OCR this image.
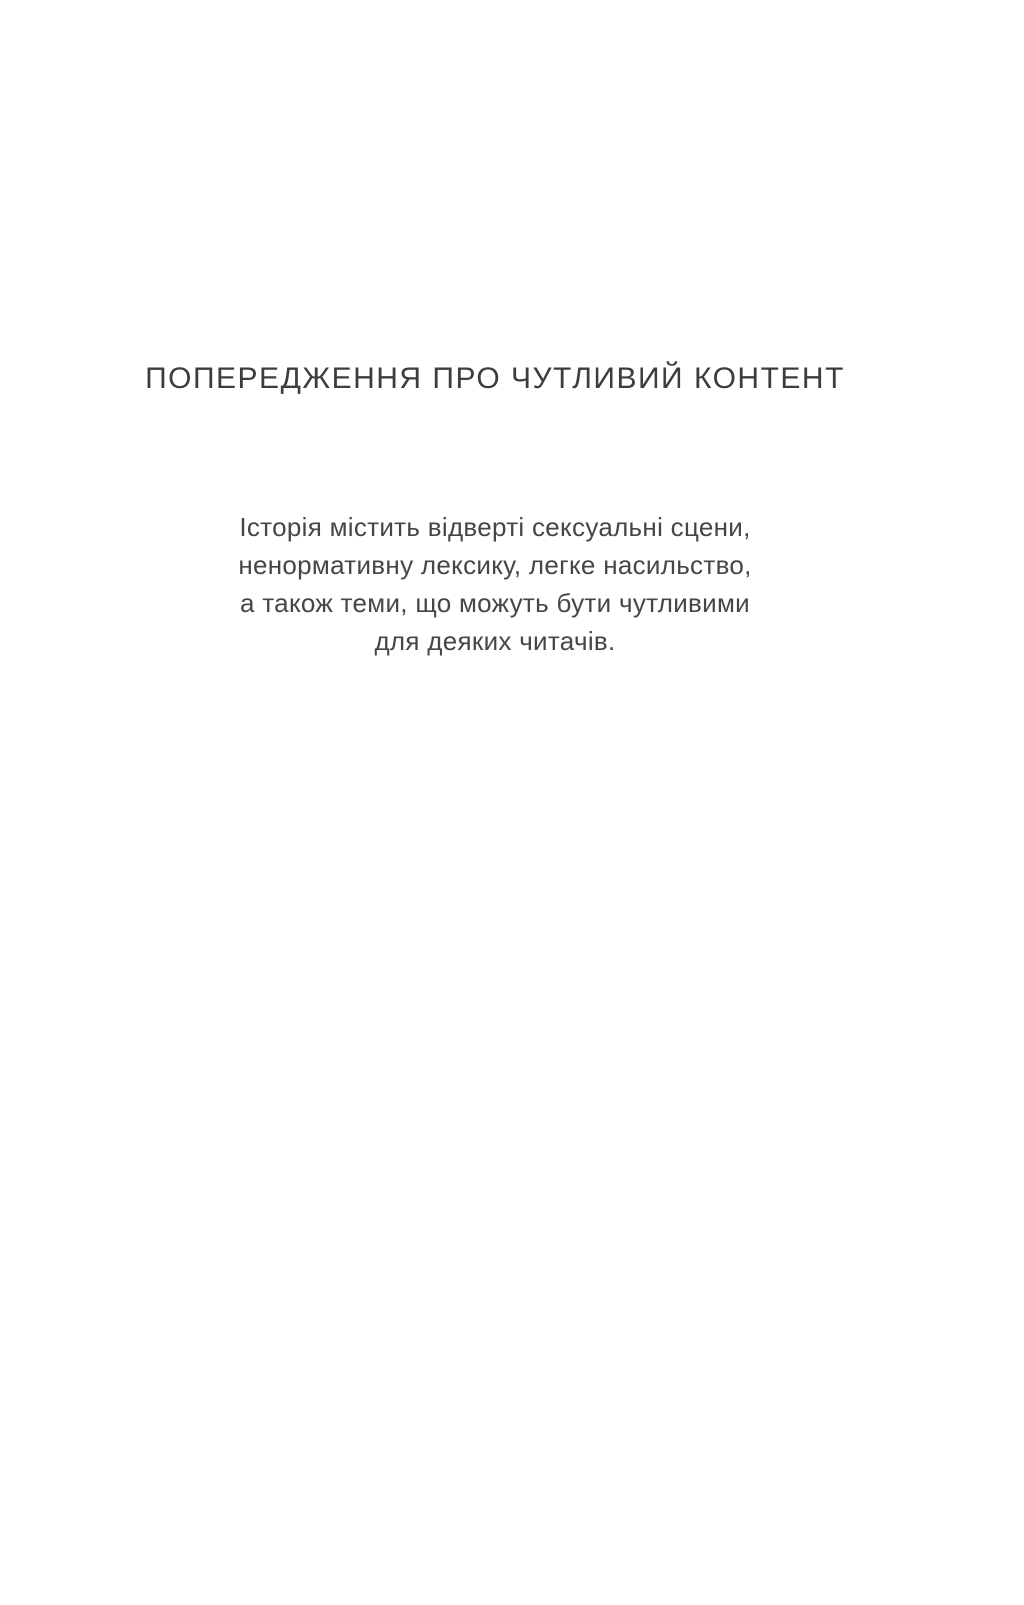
ПОПЕРЕДЖЕННЯ ПРО ЧУТЛИВИЙ КОНТЕНТ
Історія містить відверті сексуальні сцени,
ненормативну лексику, легке насильство,
а також теми, що можуть бути чутливими
для деяких читачів.
